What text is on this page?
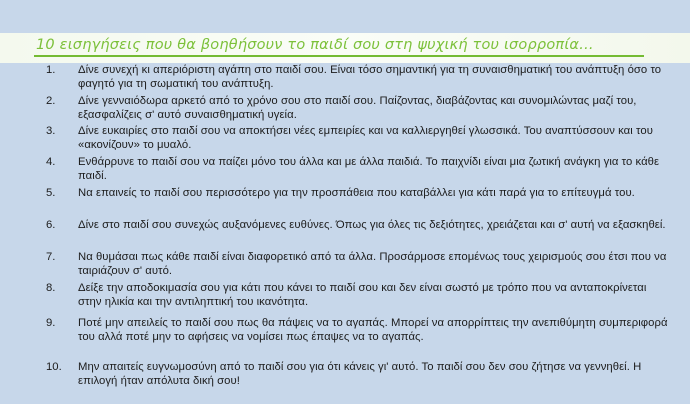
10 εισηγήσεις που θα βοηθήσουν το παιδί σου στη ψυχική του ισορροπία…
1.	Δίνε συνεχή κι απεριόριστη αγάπη στο παιδί σου. Είναι τόσο σημαντική για τη συναισθηματική του ανάπτυξη όσο το φαγητό για τη σωματική του ανάπτυξη.
2.	Δίνε γενναιόδωρα αρκετό από το χρόνο σου στο παιδί σου. Παίζοντας, διαβάζοντας και συνομιλώντας μαζί του, εξασφαλίζεις σ' αυτό συναισθηματική υγεία.
3.	Δίνε ευκαιρίες στο παιδί σου να αποκτήσει νέες εμπειρίες και να καλλιεργηθεί γλωσσικά. Του αναπτύσσουν και του «ακονίζουν» το μυαλό.
4.	Ενθάρρυνε το παιδί σου να παίζει μόνο του άλλα και με άλλα παιδιά. Το παιχνίδι είναι μια ζωτική ανάγκη για το κάθε παιδί.
5.	Να επαινείς το παιδί σου περισσότερο για την προσπάθεια που καταβάλλει για κάτι παρά για το επίτευγμά του.
6.	Δίνε στο παιδί σου συνεχώς αυξανόμενες ευθύνες. Όπως για όλες τις δεξιότητες, χρειάζεται και σ' αυτή να εξασκηθεί.
7.	Να θυμάσαι πως κάθε παιδί είναι διαφορετικό από τα άλλα. Προσάρμοσε επομένως τους χειρισμούς σου έτσι που να ταιριάζουν σ' αυτό.
8.	Δείξε την αποδοκιμασία σου για κάτι που κάνει το παιδί σου και δεν είναι σωστό με τρόπο που να ανταποκρίνεται στην ηλικία και την αντιληπτική του ικανότητα.
9.	Ποτέ μην απειλείς το παιδί σου πως θα πάψεις να το αγαπάς. Μπορεί να απορρίπτεις την ανεπιθύμητη συμπεριφορά του αλλά ποτέ μην το αφήσεις να νομίσει πως έπαψες να το αγαπάς.
10.	Μην απαιτείς ευγνωμοσύνη από το παιδί σου για ότι κάνεις γι' αυτό. Το παιδί σου δεν σου ζήτησε να γεννηθεί. Η επιλογή ήταν απόλυτα δική σου!
